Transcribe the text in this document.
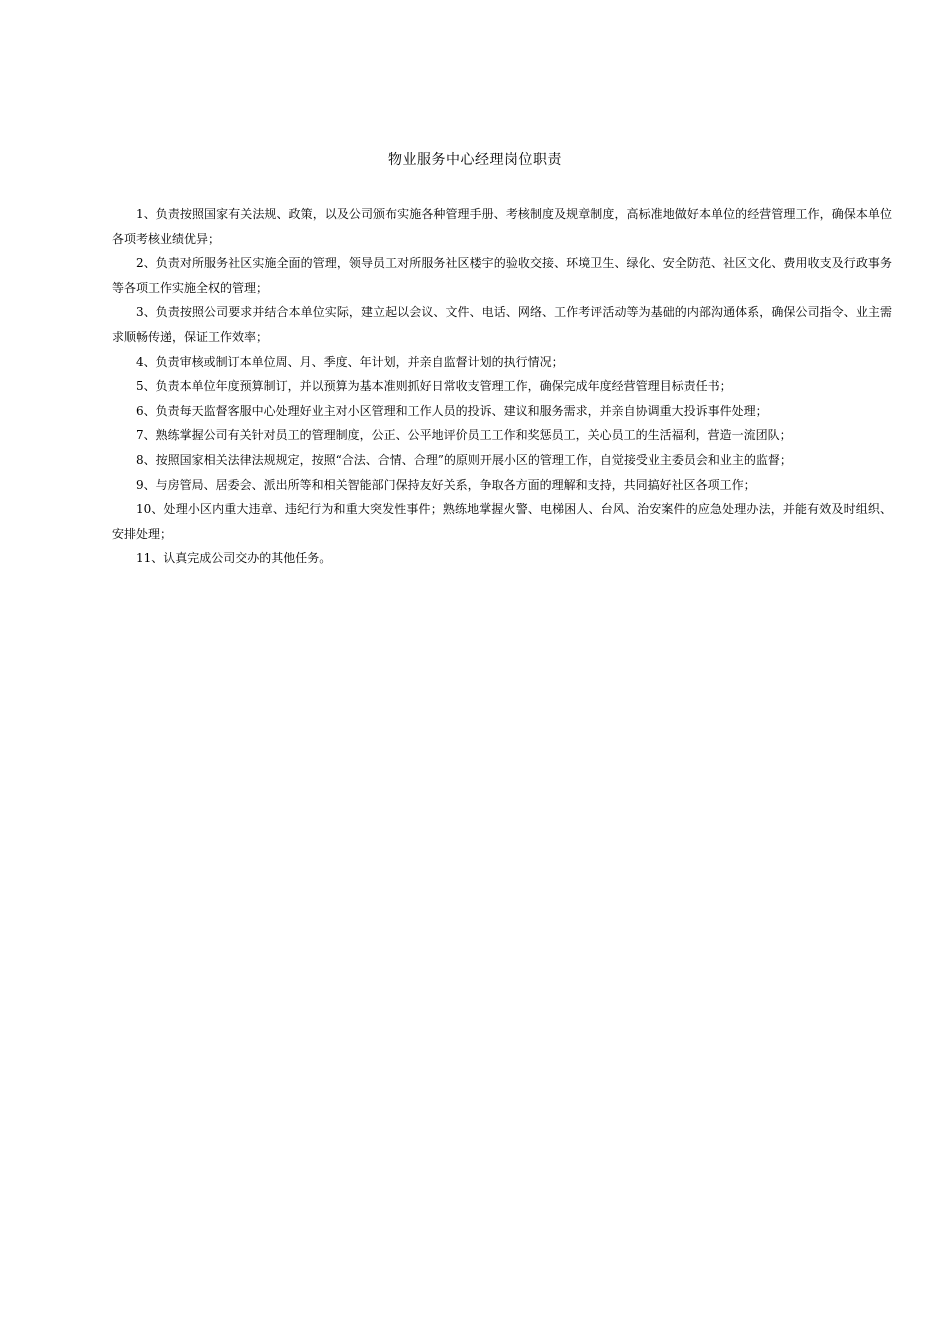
物业服务中心经理岗位职责

1、负责按照国家有关法规、政策，以及公司颁布实施各种管理手册、考核制度及规章制度，高标准地做好本单位的经营管理工作，确保本单位各项考核业绩优异；

2、负责对所服务社区实施全面的管理，领导员工对所服务社区楼宇的验收交接、环境卫生、绿化、安全防范、社区文化、费用收支及行政事务等各项工作实施全权的管理；

3、负责按照公司要求并结合本单位实际，建立起以会议、文件、电话、网络、工作考评活动等为基础的内部沟通体系，确保公司指令、业主需求顺畅传递，保证工作效率；

4、负责审核或制订本单位周、月、季度、年计划，并亲自监督计划的执行情况；

5、负责本单位年度预算制订，并以预算为基本准则抓好日常收支管理工作，确保完成年度经营管理目标责任书；

6、负责每天监督客服中心处理好业主对小区管理和工作人员的投诉、建议和服务需求，并亲自协调重大投诉事件处理；

7、熟练掌握公司有关针对员工的管理制度，公正、公平地评价员工工作和奖惩员工，关心员工的生活福利，营造一流团队；

8、按照国家相关法律法规规定，按照“合法、合情、合理”的原则开展小区的管理工作，自觉接受业主委员会和业主的监督；

9、与房管局、居委会、派出所等和相关智能部门保持友好关系，争取各方面的理解和支持，共同搞好社区各项工作；

10、处理小区内重大违章、违纪行为和重大突发性事件；熟练地掌握火警、电梯困人、台风、治安案件的应急处理办法，并能有效及时组织、安排处理；

11、认真完成公司交办的其他任务。
